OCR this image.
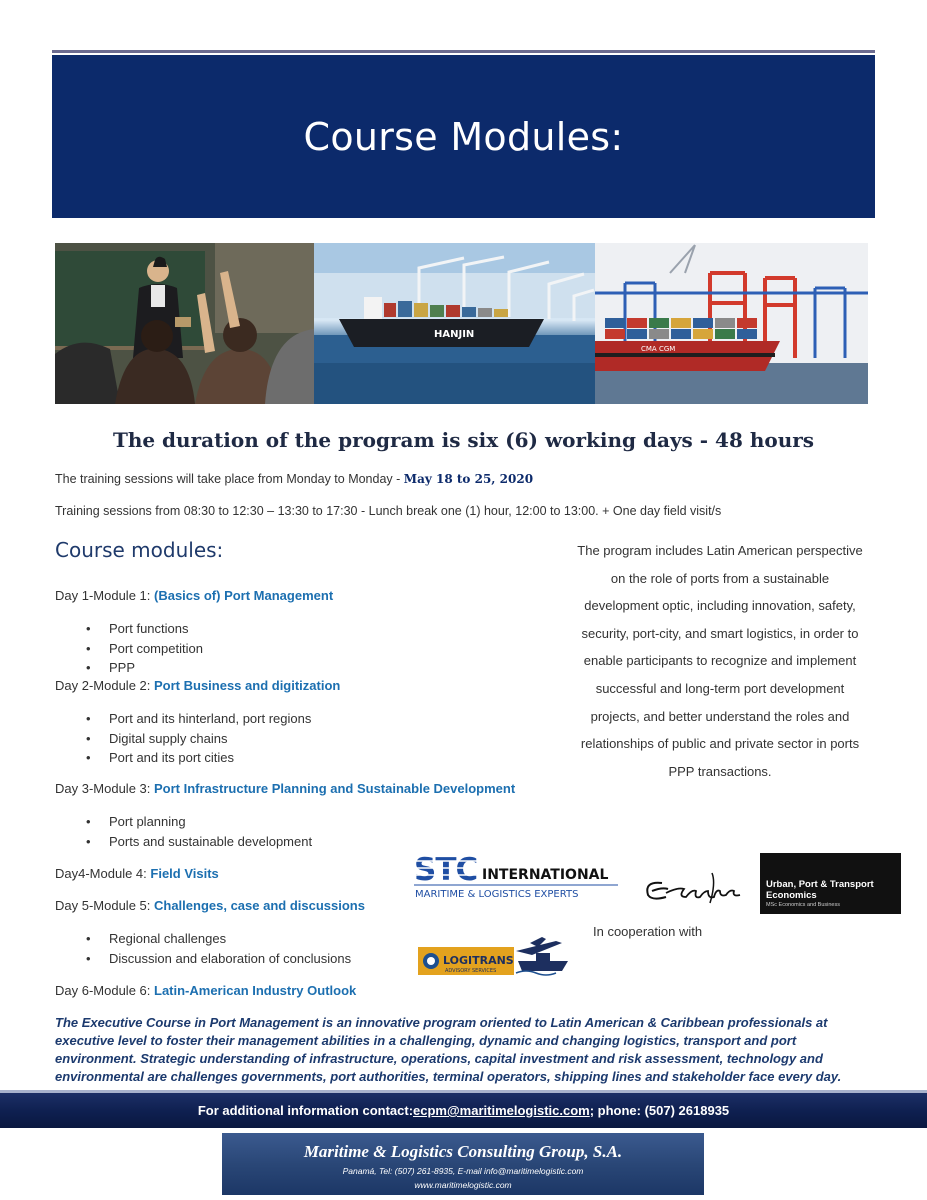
Course Modules:
HANJIN
CMA CGM
The duration of the program is six (6) working days - 48 hours
The training sessions will take place from Monday to Monday - May 18 to 25, 2020
Training sessions from 08:30 to 12:30 – 13:30 to 17:30 - Lunch break one (1) hour, 12:00 to 13:00. + One day field visit/s
Course modules:
Day 1-Module 1: (Basics of) Port Management
• Port functions
• Port competition
• PPP
Day 2-Module 2: Port Business and digitization
• Port and its hinterland, port regions
• Digital supply chains
• Port and its port cities
Day 3-Module 3: Port Infrastructure Planning and Sustainable Development
• Port planning
• Ports and sustainable development
Day4-Module 4: Field Visits
Day 5-Module 5: Challenges, case and discussions
• Regional challenges
• Discussion and elaboration of conclusions
Day 6-Module 6: Latin-American Industry Outlook
The program includes Latin American perspective on the role of ports from a sustainable development optic, including innovation, safety, security, port-city, and smart logistics, in order to enable participants to recognize and implement successful and long-term port development projects, and better understand the roles and relationships of public and private sector in ports PPP transactions.
STC INTERNATIONAL
MARITIME & LOGISTICS EXPERTS
Urban, Port & Transport Economics
MSc Economics and Business
In cooperation with
LOGITRANS
ADVISORY SERVICES
The Executive Course in Port Management is an innovative program oriented to Latin American & Caribbean professionals at executive level to foster their management abilities in a challenging, dynamic and changing logistics, transport and port environment. Strategic understanding of infrastructure, operations, capital investment and risk assessment, technology and environmental are challenges governments, port authorities, terminal operators, shipping lines and stakeholder face every day.
For additional information contact: ecpm@maritimelogistic.com ; phone: (507) 2618935
Maritime & Logistics Consulting Group, S.A.
Panamá, Tel: (507) 261-8935, E-mail info@maritimelogistic.com
www.maritimelogistic.com
